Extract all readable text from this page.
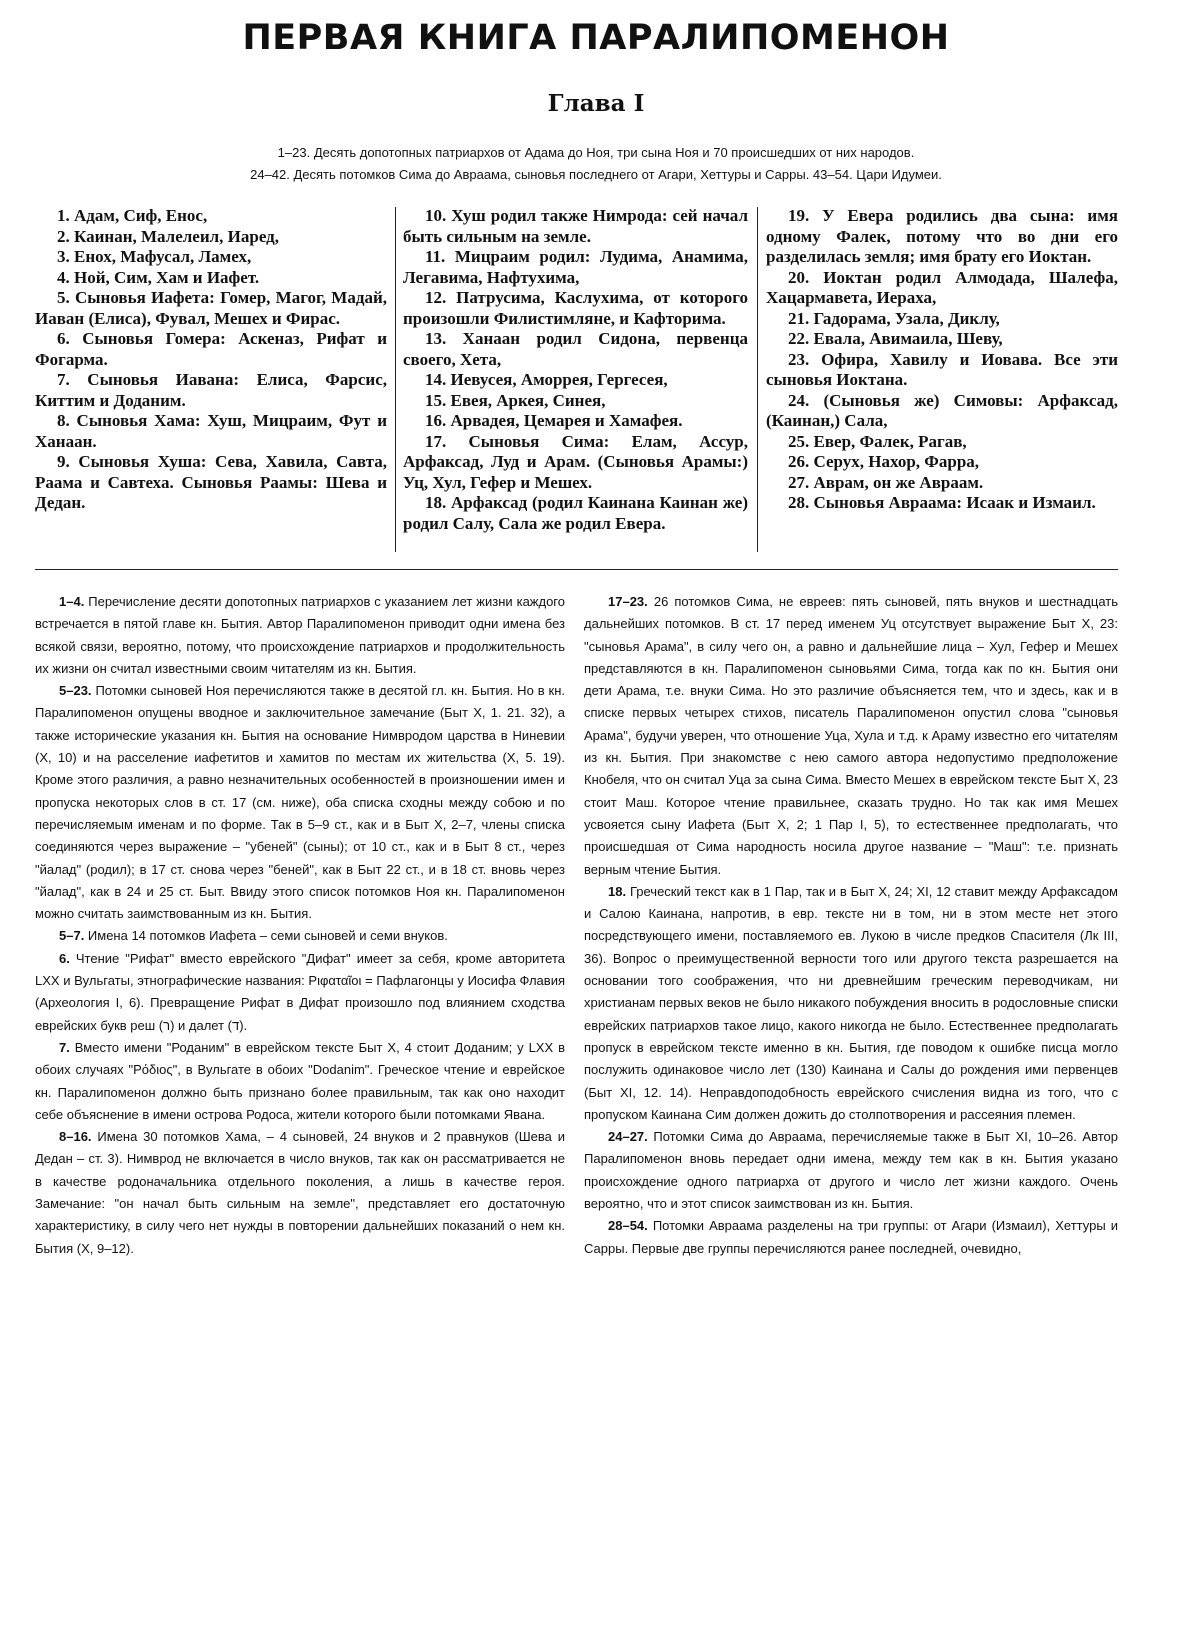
ПЕРВАЯ КНИГА ПАРАЛИПОМЕНОН
Глава I
1–23. Десять допотопных патриархов от Адама до Ноя, три сына Ноя и 70 происшедших от них народов.
24–42. Десять потомков Сима до Авраама, сыновья последнего от Агари, Хеттуры и Сарры. 43–54. Цари Идумеи.

1. Адам, Сиф, Енос,

2. Каинан, Малелеил, Иаред,

3. Енох, Мафусал, Ламех,

4. Ной, Сим, Хам и Иафет.

5. Сыновья Иафета: Гомер, Магог, Мадай, Иаван (Елиса), Фувал, Мешех и Фирас.

6. Сыновья Гомера: Аскеназ, Рифат и Фогарма.

7. Сыновья Иавана: Елиса, Фарсис, Киттим и Доданим.

8. Сыновья Хама: Хуш, Мицраим, Фут и Ханаан.

9. Сыновья Хуша: Сева, Хавила, Савта, Раама и Савтеха. Сыновья Раамы: Шева и Дедан.

10. Хуш родил также Нимрода: сей начал быть сильным на земле.

11. Мицраим родил: Лудима, Анамима, Легавима, Нафтухима,

12. Патрусима, Каслухима, от которого произошли Филистимляне, и Кафторима.

13. Ханаан родил Сидона, первенца своего, Хета,

14. Иевусея, Аморрея, Гергесея,

15. Евея, Аркея, Синея,

16. Арвадея, Цемарея и Хамафея.

17. Сыновья Сима: Елам, Ассур, Арфаксад, Луд и Арам. (Сыновья Арамы:) Уц, Хул, Гефер и Мешех.

18. Арфаксад (родил Каинана Каинан же) родил Салу, Сала же родил Евера.

19. У Евера родились два сына: имя одному Фалек, потому что во дни его разделилась земля; имя брату его Иоктан.

20. Иоктан родил Алмодада, Шалефа, Хацармавета, Иераха,

21. Гадорама, Узала, Диклу,

22. Евала, Авимаила, Шеву,

23. Офира, Хавилу и Иовава. Все эти сыновья Иоктана.

24. (Сыновья же) Симовы: Арфаксад, (Каинан,) Сала,

25. Евер, Фалек, Рагав,

26. Серух, Нахор, Фарра,

27. Аврам, он же Авраам.

28. Сыновья Авраама: Исаак и Измаил.

1–4. Перечисление десяти допотопных патриархов с указанием лет жизни каждого встречается в пятой главе кн. Бытия. Автор Паралипоменон приводит одни имена без всякой связи, вероятно, потому, что происхождение патриархов и продолжительность их жизни он считал известными своим читателям из кн. Бытия.

5–23. Потомки сыновей Ноя перечисляются также в десятой гл. кн. Бытия. Но в кн. Паралипоменон опущены вводное и заключительное замечание (Быт X, 1. 21. 32), а также исторические указания кн. Бытия на основание Нимвродом царства в Ниневии (X, 10) и на расселение иафетитов и хамитов по местам их жительства (X, 5. 19). Кроме этого различия, а равно незначительных особенностей в произношении имен и пропуска некоторых слов в ст. 17 (см. ниже), оба списка сходны между собою и по перечисляемым именам и по форме. Так в 5–9 ст., как и в Быт X, 2–7, члены списка соединяются через выражение – "убеней" (сыны); от 10 ст., как и в Быт 8 ст., через "йалад" (родил); в 17 ст. снова через "беней", как в Быт 22 ст., и в 18 ст. вновь через "йалад", как в 24 и 25 ст. Быт. Ввиду этого список потомков Ноя кн. Паралипоменон можно считать заимствованным из кн. Бытия.

5–7. Имена 14 потомков Иафета – семи сыновей и семи внуков.

6. Чтение "Рифат" вместо еврейского "Дифат" имеет за себя, кроме авторитета LXX и Вульгаты, этнографические названия: Ριφαταῖοι = Пафлагонцы у Иосифа Флавия (Археология I, 6). Превращение Рифат в Дифат произошло под влиянием сходства еврейских букв реш (ר) и далет (ד).

7. Вместо имени "Роданим" в еврейском тексте Быт X, 4 стоит Доданим; у LXX в обоих случаях "Ρόδιος", в Вульгате в обоих "Dodanim". Греческое чтение и еврейское кн. Паралипоменон должно быть признано более правильным, так как оно находит себе объяснение в имени острова Родоса, жители которого были потомками Явана.

8–16. Имена 30 потомков Хама, – 4 сыновей, 24 внуков и 2 правнуков (Шева и Дедан – ст. 3). Нимврод не включается в число внуков, так как он рассматривается не в качестве родоначальника отдельного поколения, а лишь в качестве героя. Замечание: "он начал быть сильным на земле", представляет его достаточную характеристику, в силу чего нет нужды в повторении дальнейших показаний о нем кн. Бытия (X, 9–12).

17–23. 26 потомков Сима, не евреев: пять сыновей, пять внуков и шестнадцать дальнейших потомков. В ст. 17 перед именем Уц отсутствует выражение Быт X, 23: "сыновья Арама", в силу чего он, а равно и дальнейшие лица – Хул, Гефер и Мешех представляются в кн. Паралипоменон сыновьями Сима, тогда как по кн. Бытия они дети Арама, т.е. внуки Сима. Но это различие объясняется тем, что и здесь, как и в списке первых четырех стихов, писатель Паралипоменон опустил слова "сыновья Арама", будучи уверен, что отношение Уца, Хула и т.д. к Араму известно его читателям из кн. Бытия. При знакомстве с нею самого автора недопустимо предположение Кнобеля, что он считал Уца за сына Сима. Вместо Мешех в еврейском тексте Быт X, 23 стоит Маш. Которое чтение правильнее, сказать трудно. Но так как имя Мешех усвояется сыну Иафета (Быт X, 2; 1 Пар I, 5), то естественнее предполагать, что происшедшая от Сима народность носила другое название – "Маш": т.е. признать верным чтение Бытия.

18. Греческий текст как в 1 Пар, так и в Быт X, 24; XI, 12 ставит между Арфаксадом и Салою Каинана, напротив, в евр. тексте ни в том, ни в этом месте нет этого посредствующего имени, поставляемого ев. Лукою в числе предков Спасителя (Лк III, 36). Вопрос о преимущественной верности того или другого текста разрешается на основании того соображения, что ни древнейшим греческим переводчикам, ни христианам первых веков не было никакого побуждения вносить в родословные списки еврейских патриархов такое лицо, какого никогда не было. Естественнее предполагать пропуск в еврейском тексте именно в кн. Бытия, где поводом к ошибке писца могло послужить одинаковое число лет (130) Каинана и Салы до рождения ими первенцев (Быт XI, 12. 14). Неправдоподобность еврейского счисления видна из того, что с пропуском Каинана Сим должен дожить до столпотворения и рассеяния племен.

24–27. Потомки Сима до Авраама, перечисляемые также в Быт XI, 10–26. Автор Паралипоменон вновь передает одни имена, между тем как в кн. Бытия указано происхождение одного патриарха от другого и число лет жизни каждого. Очень вероятно, что и этот список заимствован из кн. Бытия.

28–54. Потомки Авраама разделены на три группы: от Агари (Измаил), Хеттуры и Сарры. Первые две группы перечисляются ранее последней, очевидно,
